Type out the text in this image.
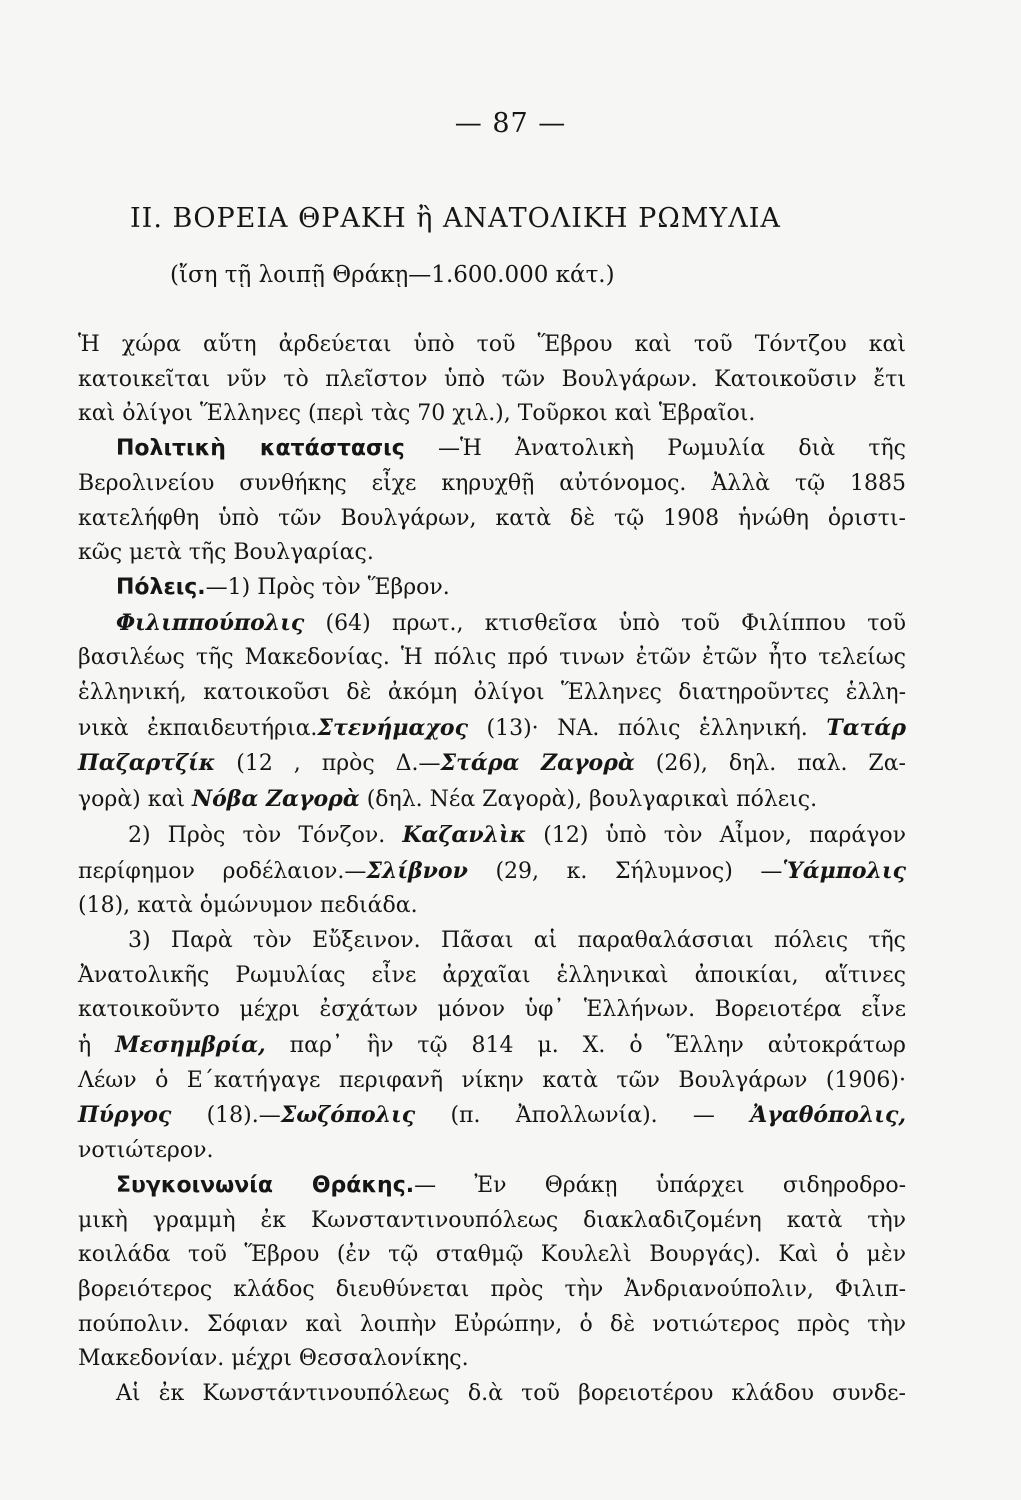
— 87 —
II. ΒΟΡΕΙΑ ΘΡΑΚΗ ἢ ΑΝΑΤΟΛΙΚΗ ΡΩΜΥΛΙΑ
(ἴση τῇ λοιπῇ Θράκῃ—1.600.000 κάτ.)

Ἡ χώρα αὕτη ἀρδεύεται ὑπὸ τοῦ Ἕβρου καὶ τοῦ Τόντζου καὶ

κατοικεῖται νῦν τὸ πλεῖστον ὑπὸ τῶν Βουλγάρων. Κατοικοῦσιν ἔτι

καὶ ὀλίγοι Ἕλληνες (περὶ τὰς 70 χιλ.), Τοῦρκοι καὶ Ἑβραῖοι.

Πολιτικὴ κατάστασις —Ἡ Ἀνατολικὴ Ρωμυλία διὰ τῆς

Βερολινείου συνθήκης εἶχε κηρυχθῇ αὐτόνομος. Ἀλλὰ τῷ 1885

κατελήφθη ὑπὸ τῶν Βουλγάρων, κατὰ δὲ τῷ 1908 ἡνώθη ὁριστι-

κῶς μετὰ τῆς Βουλγαρίας.

Πόλεις.—1) Πρὸς τὸν Ἕβρον.

Φιλιππούπολις (64) πρωτ., κτισθεῖσα ὑπὸ τοῦ Φιλίππου τοῦ

βασιλέως τῆς Μακεδονίας. Ἡ πόλις πρό τινων ἐτῶν ἐτῶν ἦτο τελείως

ἑλληνική, κατοικοῦσι δὲ ἀκόμη ὀλίγοι Ἕλληνες διατηροῦντες ἑλλη-

νικὰ ἐκπαιδευτήρια.Στενήμαχος (13)· ΝΑ. πόλις ἑλληνική. Τατάρ

Παζαρτζίκ (12 , πρὸς Δ.—Στάρα Ζαγορὰ (26), δηλ. παλ. Ζα-

γορὰ) καὶ Νόβα Ζαγορὰ (δηλ. Νέα Ζαγορὰ), βουλγαρικαὶ πόλεις.

2) Πρὸς τὸν Τόνζον. Καζανλὶκ (12) ὑπὸ τὸν Αἶμον, παράγον

περίφημον ροδέλαιον.—Σλίβνον (29, κ. Σήλυμνος) —Ὑάμπολις

(18), κατὰ ὁμώνυμον πεδιάδα.

3) Παρὰ τὸν Εὔξεινον. Πᾶσαι αἱ παραθαλάσσιαι πόλεις τῆς

Ἀνατολικῆς Ρωμυλίας εἶνε ἀρχαῖαι ἑλληνικαὶ ἀποικίαι, αἵτινες

κατοικοῦντο μέχρι ἐσχάτων μόνον ὑφ᾽ Ἑλλήνων. Βορειοτέρα εἶνε

ἡ Μεσημβρία, παρ᾽ ἣν τῷ 814 μ. Χ. ὁ Ἕλλην αὐτοκράτωρ

Λέων ὁ Ε΄κατήγαγε περιφανῆ νίκην κατὰ τῶν Βουλγάρων (1906)·

Πύργος (18).—Σωζόπολις (π. Ἀπολλωνία). — Ἀγαθόπολις,

νοτιώτερον.

Συγκοινωνία Θράκης.— Ἐν Θράκῃ ὑπάρχει σιδηροδρο-

μικὴ γραμμὴ ἐκ Κωνσταντινουπόλεως διακλαδιζομένη κατὰ τὴν

κοιλάδα τοῦ Ἕβρου (ἐν τῷ σταθμῷ Κουλελὶ Βουργάς). Καὶ ὁ μὲν

βορειότερος κλάδος διευθύνεται πρὸς τὴν Ἀνδριανούπολιν, Φιλιπ-

πούπολιν. Σόφιαν καὶ λοιπὴν Εὐρώπην, ὁ δὲ νοτιώτερος πρὸς τὴν

Μακεδονίαν. μέχρι Θεσσαλονίκης.

Αἱ ἐκ Κωνστάντινουπόλεως δ.ὰ τοῦ βορειοτέρου κλάδου συνδε-
